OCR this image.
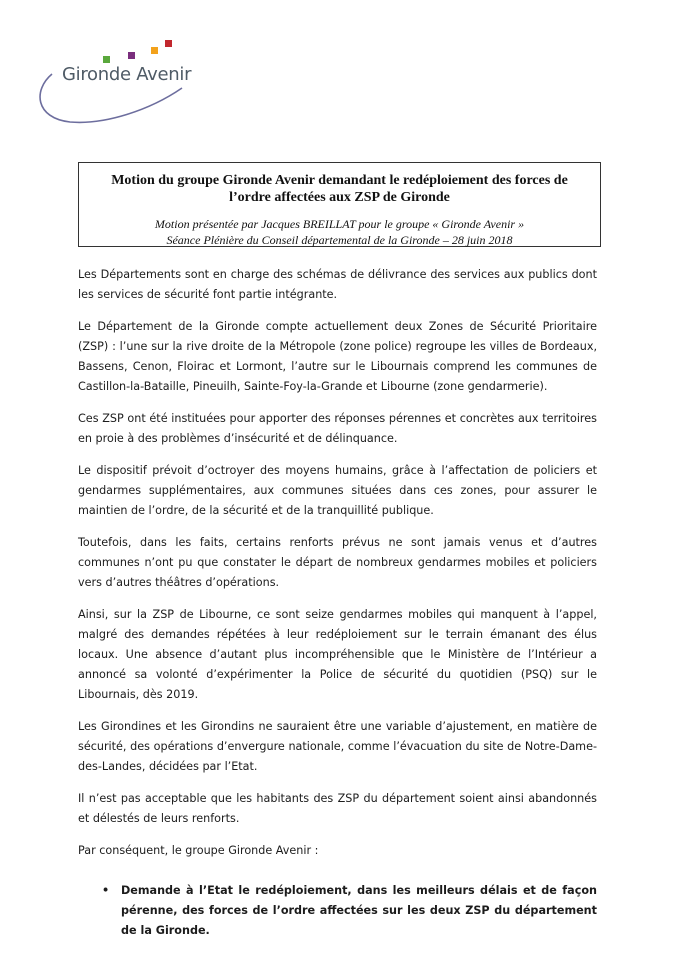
Gironde Avenir
Motion du groupe Gironde Avenir demandant le redéploiement des forces de l’ordre affectées aux ZSP de Gironde
Motion présentée par Jacques BREILLAT pour le groupe « Gironde Avenir »
Séance Plénière du Conseil départemental de la Gironde – 28 juin 2018

Les Départements sont en charge des schémas de délivrance des services aux publics dont les services de sécurité font partie intégrante.

Le Département de la Gironde compte actuellement deux Zones de Sécurité Prioritaire (ZSP) : l’une sur la rive droite de la Métropole (zone police) regroupe les villes de Bordeaux, Bassens, Cenon, Floirac et Lormont, l’autre sur le Libournais comprend les communes de Castillon-la-Bataille, Pineuilh, Sainte-Foy-la-Grande et Libourne (zone gendarmerie).

Ces ZSP ont été instituées pour apporter des réponses pérennes et concrètes aux territoires en proie à des problèmes d’insécurité et de délinquance.

Le dispositif prévoit d’octroyer des moyens humains, grâce à l’affectation de policiers et gendarmes supplémentaires, aux communes situées dans ces zones, pour assurer le maintien de l’ordre, de la sécurité et de la tranquillité publique.

Toutefois, dans les faits, certains renforts prévus ne sont jamais venus et d’autres communes n’ont pu que constater le départ de nombreux gendarmes mobiles et policiers vers d’autres théâtres d’opérations.

Ainsi, sur la ZSP de Libourne, ce sont seize gendarmes mobiles qui manquent à l’appel, malgré des demandes répétées à leur redéploiement sur le terrain émanant des élus locaux. Une absence d’autant plus incompréhensible que le Ministère de l’Intérieur a annoncé sa volonté d’expérimenter la Police de sécurité du quotidien (PSQ) sur le Libournais, dès 2019.

Les Girondines et les Girondins ne sauraient être une variable d’ajustement, en matière de sécurité, des opérations d’envergure nationale, comme l’évacuation du site de Notre-Dame-des-Landes, décidées par l’Etat.

Il n’est pas acceptable que les habitants des ZSP du département soient ainsi abandonnés et délestés de leurs renforts.

Par conséquent, le groupe Gironde Avenir :

• Demande à l’Etat le redéploiement, dans les meilleurs délais et de façon pérenne, des forces de l’ordre affectées sur les deux ZSP du département de la Gironde.
